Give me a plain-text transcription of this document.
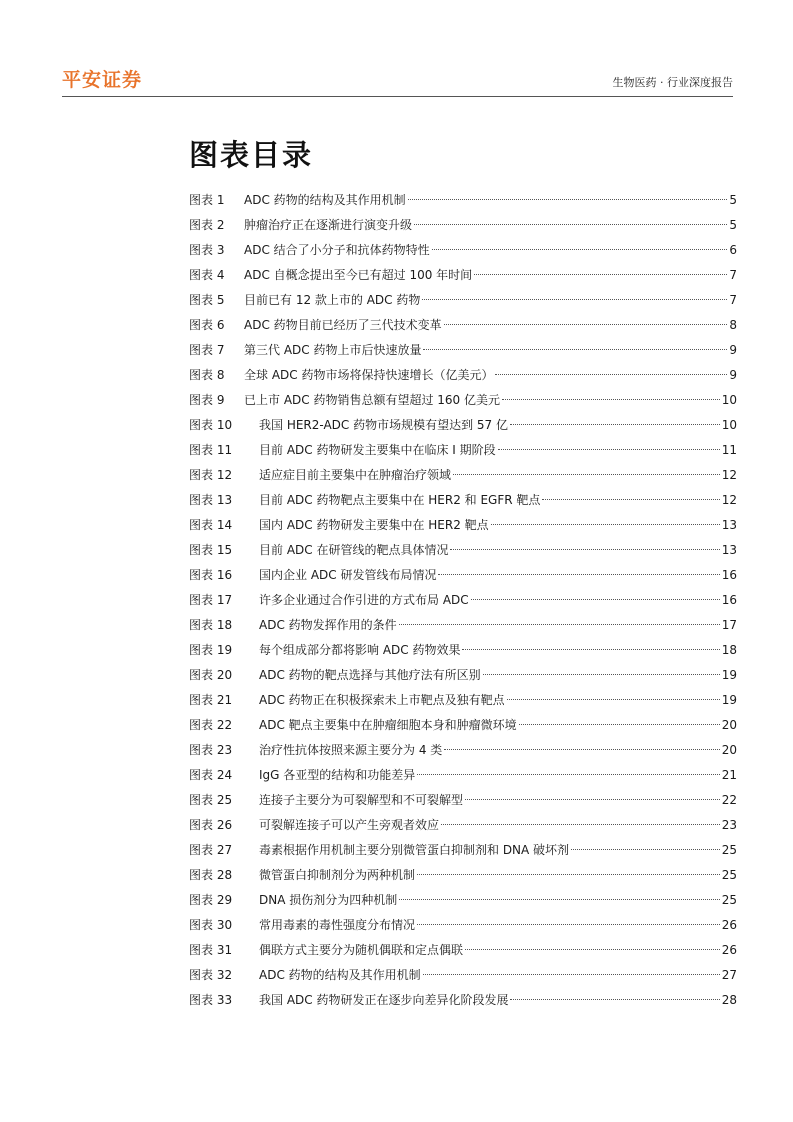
平安证券	生物医药 · 行业深度报告
图表目录
图表 1	ADC 药物的结构及其作用机制	5
图表 2	肿瘤治疗正在逐渐进行演变升级	5
图表 3	ADC 结合了小分子和抗体药物特性	6
图表 4	ADC 自概念提出至今已有超过 100 年时间	7
图表 5	目前已有 12 款上市的 ADC 药物	7
图表 6	ADC 药物目前已经历了三代技术变革	8
图表 7	第三代 ADC 药物上市后快速放量	9
图表 8	全球 ADC 药物市场将保持快速增长（亿美元）	9
图表 9	已上市 ADC 药物销售总额有望超过 160 亿美元	10
图表 10	我国 HER2-ADC 药物市场规模有望达到 57 亿	10
图表 11	目前 ADC 药物研发主要集中在临床 I 期阶段	11
图表 12	适应症目前主要集中在肿瘤治疗领域	12
图表 13	目前 ADC 药物靶点主要集中在 HER2 和 EGFR 靶点	12
图表 14	国内 ADC 药物研发主要集中在 HER2 靶点	13
图表 15	目前 ADC 在研管线的靶点具体情况	13
图表 16	国内企业 ADC 研发管线布局情况	16
图表 17	许多企业通过合作引进的方式布局 ADC	16
图表 18	ADC 药物发挥作用的条件	17
图表 19	每个组成部分都将影响 ADC 药物效果	18
图表 20	ADC 药物的靶点选择与其他疗法有所区别	19
图表 21	ADC 药物正在积极探索未上市靶点及独有靶点	19
图表 22	ADC 靶点主要集中在肿瘤细胞本身和肿瘤微环境	20
图表 23	治疗性抗体按照来源主要分为 4 类	20
图表 24	IgG 各亚型的结构和功能差异	21
图表 25	连接子主要分为可裂解型和不可裂解型	22
图表 26	可裂解连接子可以产生旁观者效应	23
图表 27	毒素根据作用机制主要分别微管蛋白抑制剂和 DNA 破坏剂	25
图表 28	微管蛋白抑制剂分为两种机制	25
图表 29	DNA 损伤剂分为四种机制	25
图表 30	常用毒素的毒性强度分布情况	26
图表 31	偶联方式主要分为随机偶联和定点偶联	26
图表 32	ADC 药物的结构及其作用机制	27
图表 33	我国 ADC 药物研发正在逐步向差异化阶段发展	28
